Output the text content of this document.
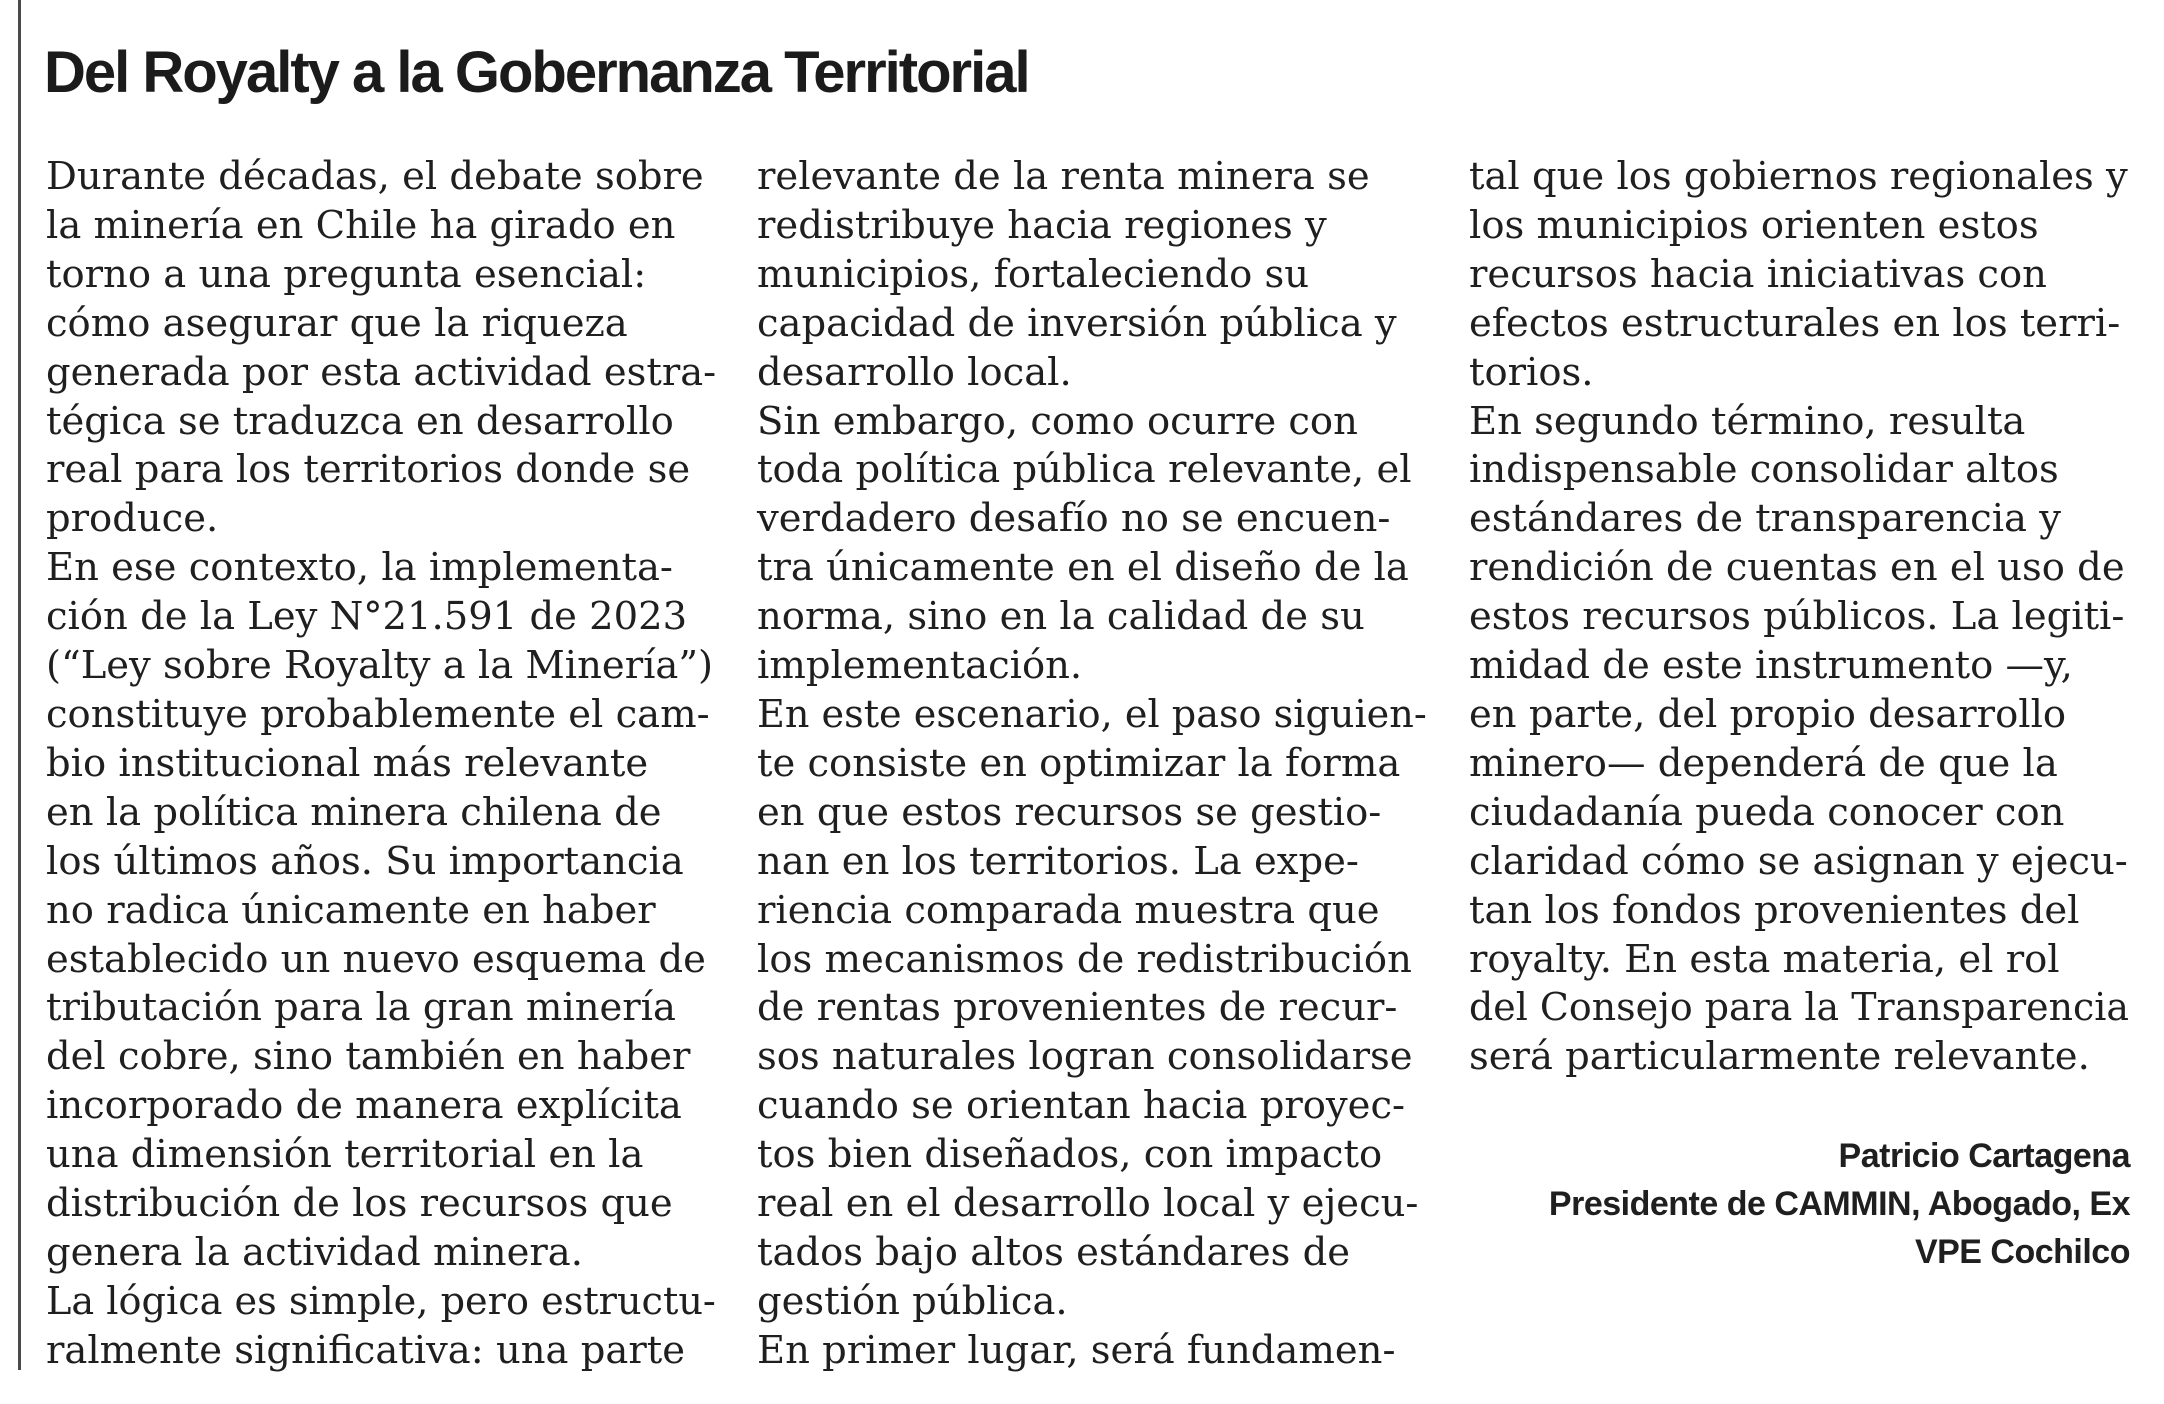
Del Royalty a la Gobernanza Territorial
Durante décadas, el debate sobre
la minería en Chile ha girado en
torno a una pregunta esencial:
cómo asegurar que la riqueza
generada por esta actividad estra-
tégica se traduzca en desarrollo
real para los territorios donde se
produce.
En ese contexto, la implementa-
ción de la Ley N°21.591 de 2023
(“Ley sobre Royalty a la Minería”)
constituye probablemente el cam-
bio institucional más relevante
en la política minera chilena de
los últimos años. Su importancia
no radica únicamente en haber
establecido un nuevo esquema de
tributación para la gran minería
del cobre, sino también en haber
incorporado de manera explícita
una dimensión territorial en la
distribución de los recursos que
genera la actividad minera.
La lógica es simple, pero estructu-
ralmente significativa: una parte
relevante de la renta minera se
redistribuye hacia regiones y
municipios, fortaleciendo su
capacidad de inversión pública y
desarrollo local.
Sin embargo, como ocurre con
toda política pública relevante, el
verdadero desafío no se encuen-
tra únicamente en el diseño de la
norma, sino en la calidad de su
implementación.
En este escenario, el paso siguien-
te consiste en optimizar la forma
en que estos recursos se gestio-
nan en los territorios. La expe-
riencia comparada muestra que
los mecanismos de redistribución
de rentas provenientes de recur-
sos naturales logran consolidarse
cuando se orientan hacia proyec-
tos bien diseñados, con impacto
real en el desarrollo local y ejecu-
tados bajo altos estándares de
gestión pública.
En primer lugar, será fundamen-
tal que los gobiernos regionales y
los municipios orienten estos
recursos hacia iniciativas con
efectos estructurales en los terri-
torios.
En segundo término, resulta
indispensable consolidar altos
estándares de transparencia y
rendición de cuentas en el uso de
estos recursos públicos. La legiti-
midad de este instrumento —y,
en parte, del propio desarrollo
minero— dependerá de que la
ciudadanía pueda conocer con
claridad cómo se asignan y ejecu-
tan los fondos provenientes del
royalty. En esta materia, el rol
del Consejo para la Transparencia
será particularmente relevante.
Patricio Cartagena
Presidente de CAMMIN, Abogado, Ex
VPE Cochilco
